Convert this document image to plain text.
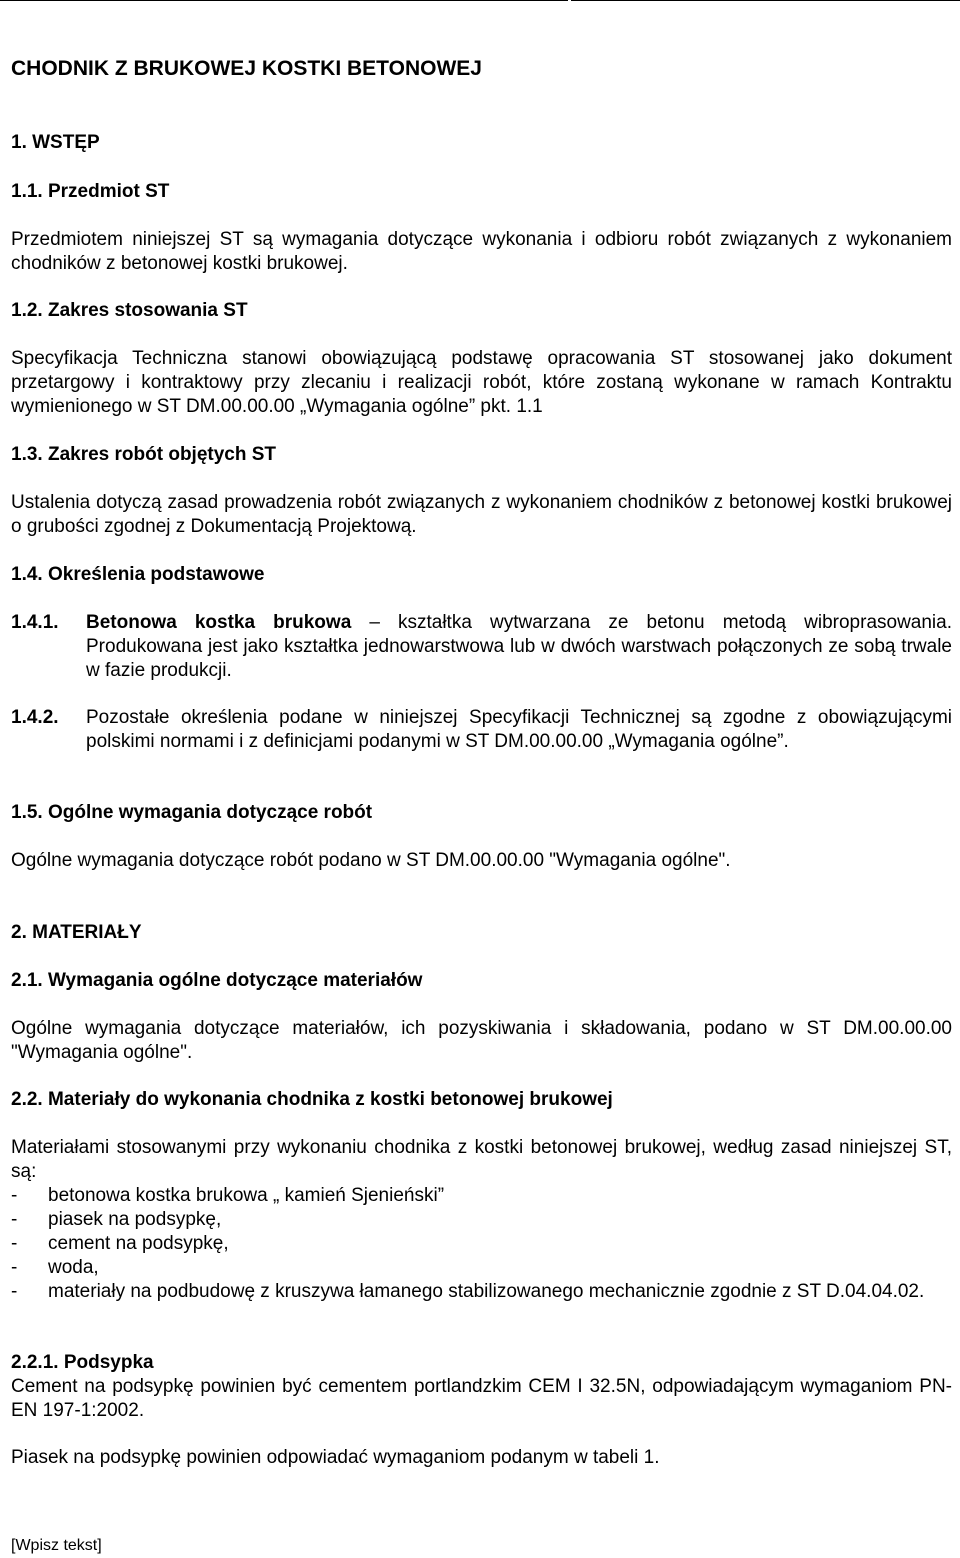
CHODNIK Z BRUKOWEJ KOSTKI BETONOWEJ
1. WSTĘP
1.1. Przedmiot ST
Przedmiotem niniejszej ST są wymagania dotyczące wykonania i odbioru robót związanych z wykonaniem chodników z betonowej kostki brukowej.
1.2. Zakres stosowania ST
Specyfikacja Techniczna stanowi obowiązującą podstawę opracowania ST stosowanej jako dokument przetargowy i kontraktowy przy zlecaniu i realizacji robót, które zostaną wykonane w ramach Kontraktu wymienionego w ST DM.00.00.00 „Wymagania ogólne” pkt. 1.1
1.3. Zakres robót objętych ST
Ustalenia dotyczą zasad prowadzenia robót związanych z wykonaniem chodników z betonowej kostki brukowej o grubości zgodnej z Dokumentacją Projektową.
1.4. Określenia podstawowe
1.4.1. Betonowa kostka brukowa – kształtka wytwarzana ze betonu metodą wibroprasowania. Produkowana jest jako kształtka jednowarstwowa lub w dwóch warstwach połączonych ze sobą trwale w fazie produkcji.
1.4.2. Pozostałe określenia podane w niniejszej Specyfikacji Technicznej są zgodne z obowiązującymi polskimi normami i z definicjami podanymi w ST DM.00.00.00 „Wymagania ogólne”.
1.5. Ogólne wymagania dotyczące robót
Ogólne wymagania dotyczące robót podano w ST DM.00.00.00 "Wymagania ogólne".
2. MATERIAŁY
2.1. Wymagania ogólne dotyczące materiałów
Ogólne wymagania dotyczące materiałów, ich pozyskiwania i składowania, podano w ST DM.00.00.00 "Wymagania ogólne".
2.2. Materiały do wykonania chodnika z kostki betonowej brukowej
Materiałami stosowanymi przy wykonaniu chodnika z kostki betonowej brukowej, według zasad niniejszej ST, są:
-	betonowa kostka brukowa „ kamień Sjenieński”
-	piasek na podsypkę,
-	cement na podsypkę,
-	woda,
-	materiały na podbudowę z kruszywa łamanego stabilizowanego mechanicznie zgodnie z ST D.04.04.02.
2.2.1. Podsypka
Cement na podsypkę powinien być cementem portlandzkim CEM I 32.5N, odpowiadającym wymaganiom PN-EN 197-1:2002.
Piasek na podsypkę powinien odpowiadać wymaganiom podanym w tabeli 1.
[Wpisz tekst]
